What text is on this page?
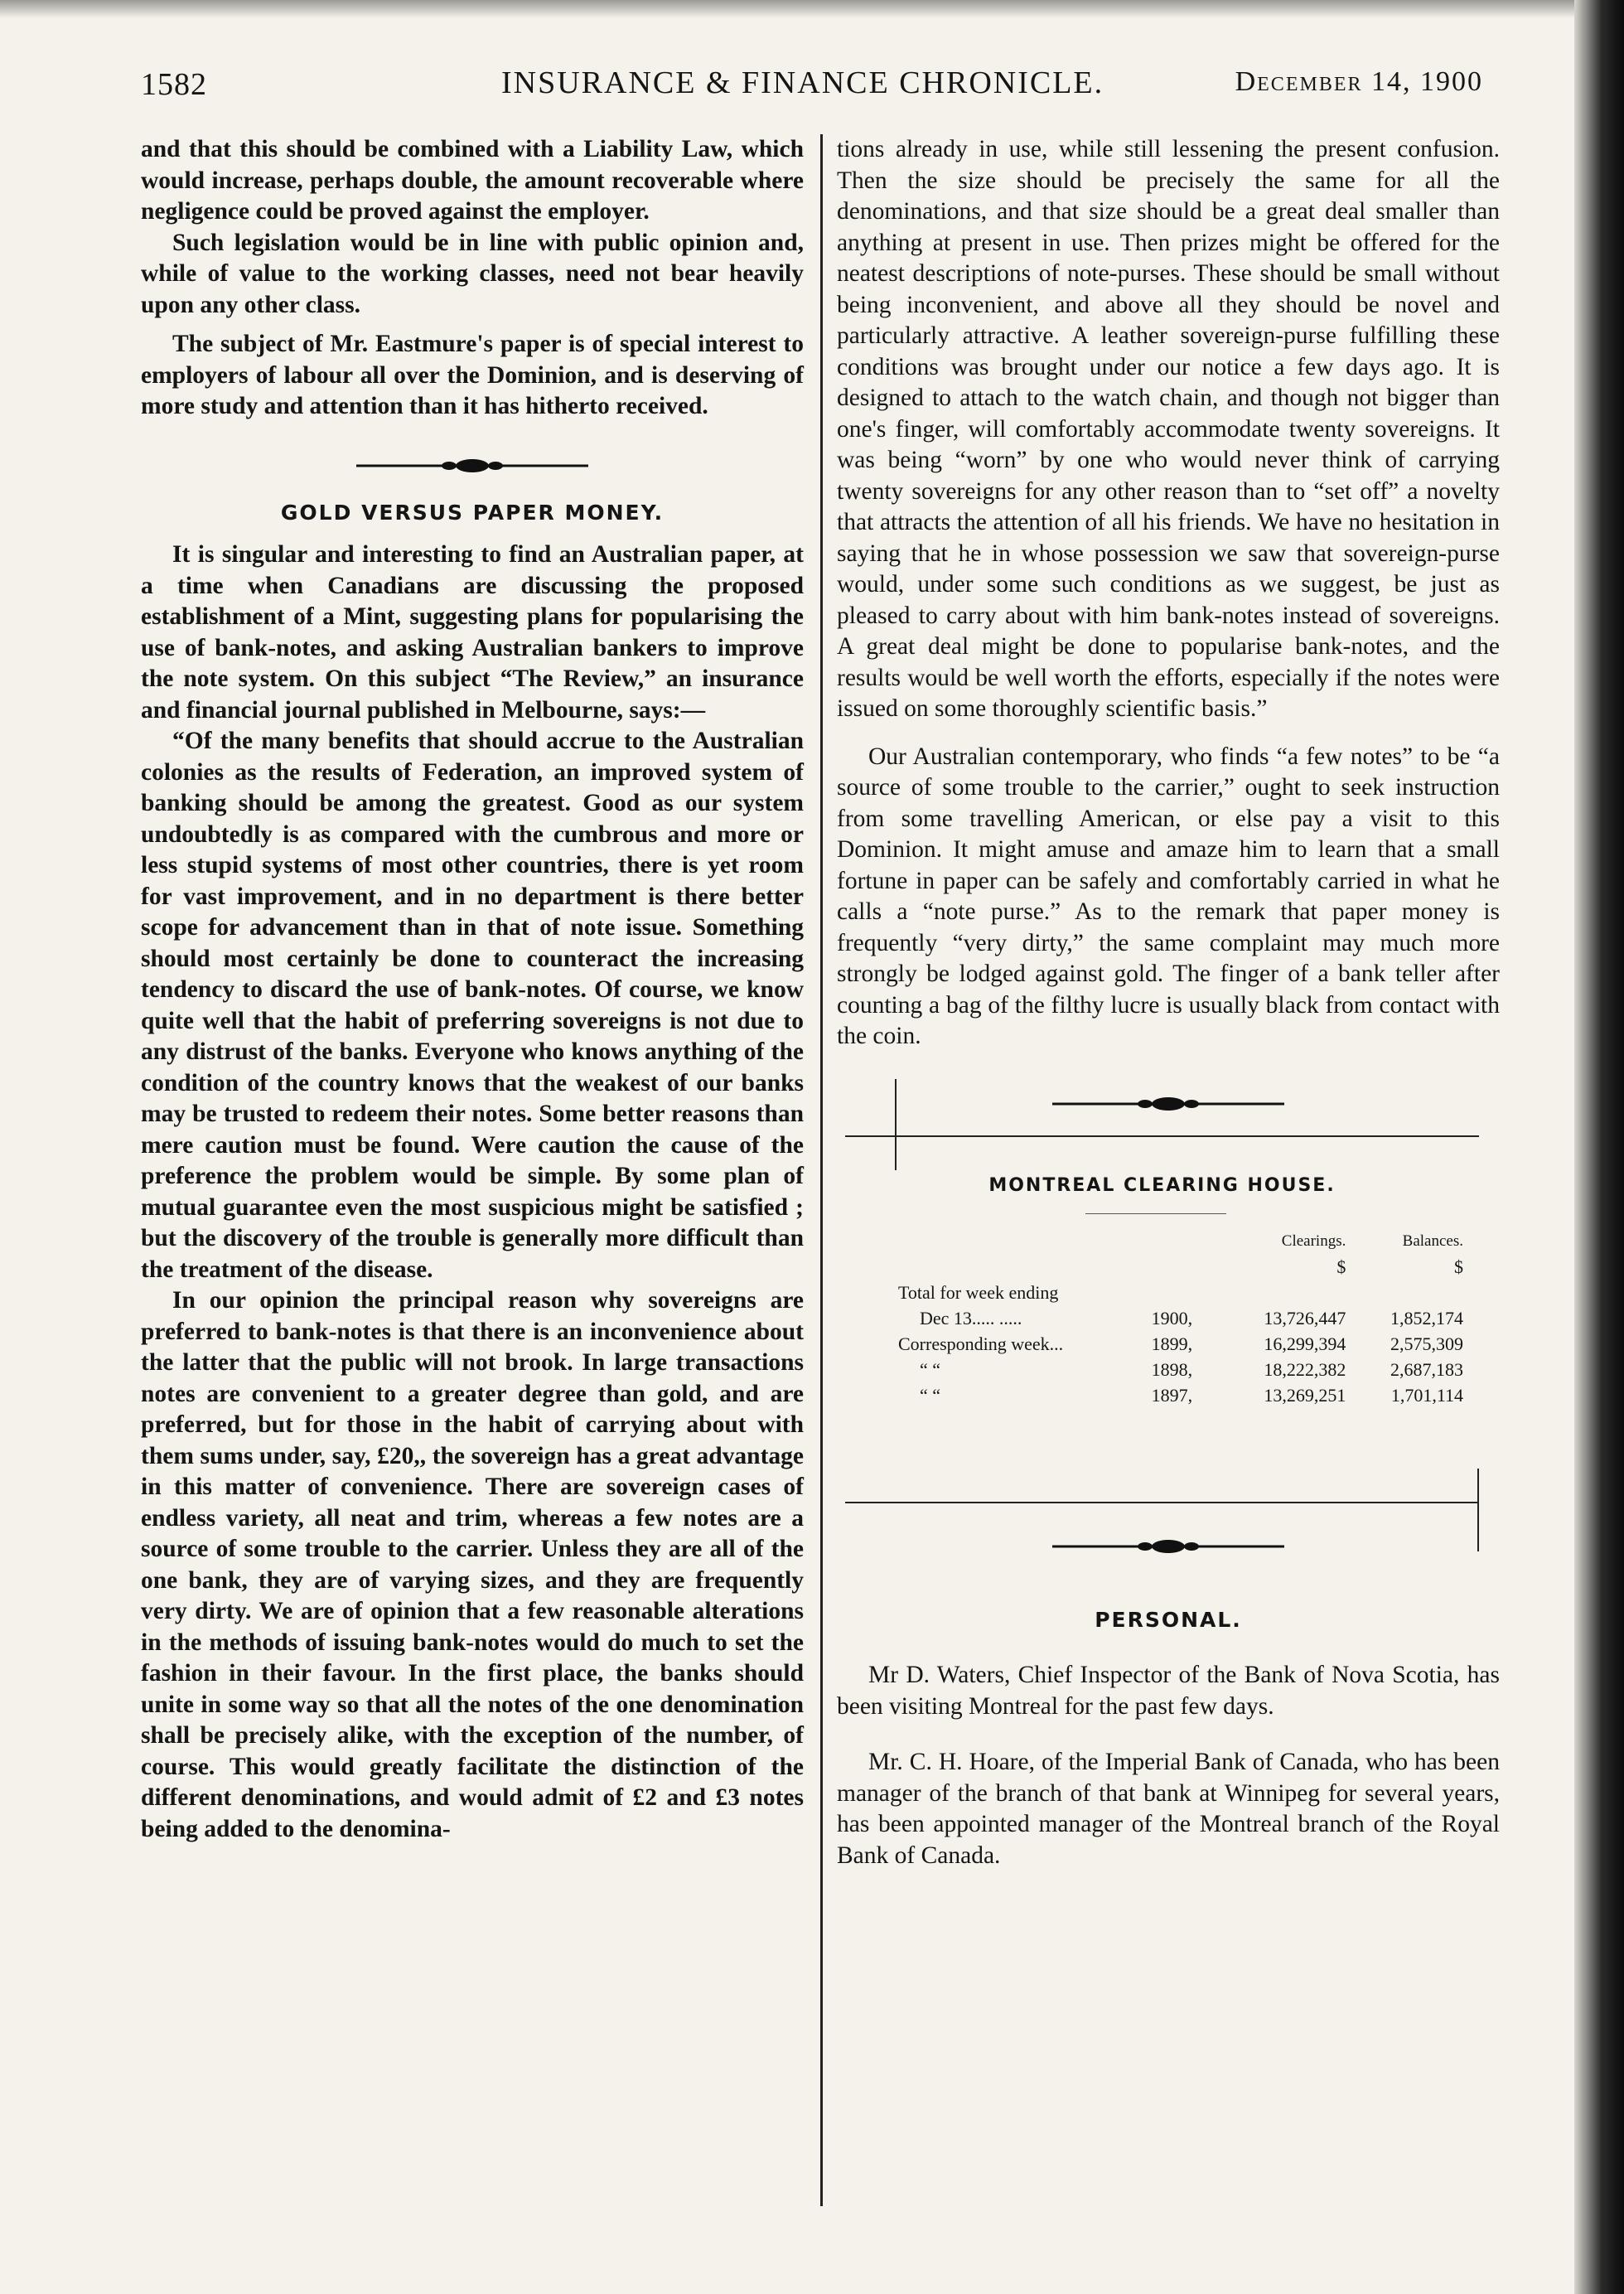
1582	INSURANCE & FINANCE CHRONICLE.	December 14, 1900

and that this should be combined with a Liability Law, which would increase, perhaps double, the amount recoverable where negligence could be proved against the employer.

Such legislation would be in line with public opinion and, while of value to the working classes, need not bear heavily upon any other class.

The subject of Mr. Eastmure's paper is of special interest to employers of labour all over the Dominion, and is deserving of more study and attention than it has hitherto received.

GOLD VERSUS PAPER MONEY.

It is singular and interesting to find an Australian paper, at a time when Canadians are discussing the proposed establishment of a Mint, suggesting plans for popularising the use of bank-notes, and asking Australian bankers to improve the note system. On this subject “The Review,” an insurance and financial journal published in Melbourne, says:—

“Of the many benefits that should accrue to the Australian colonies as the results of Federation, an improved system of banking should be among the greatest. Good as our system undoubtedly is as compared with the cumbrous and more or less stupid systems of most other countries, there is yet room for vast improvement, and in no department is there better scope for advancement than in that of note issue. Something should most certainly be done to counteract the increasing tendency to discard the use of bank-notes. Of course, we know quite well that the habit of preferring sovereigns is not due to any distrust of the banks. Everyone who knows anything of the condition of the country knows that the weakest of our banks may be trusted to redeem their notes. Some better reasons than mere caution must be found. Were caution the cause of the preference the problem would be simple. By some plan of mutual guarantee even the most suspicious might be satisfied ; but the discovery of the trouble is generally more difficult than the treatment of the disease.

In our opinion the principal reason why sovereigns are preferred to bank-notes is that there is an inconvenience about the latter that the public will not brook. In large transactions notes are convenient to a greater degree than gold, and are preferred, but for those in the habit of carrying about with them sums under, say, £20,, the sovereign has a great advantage in this matter of convenience. There are sovereign cases of endless variety, all neat and trim, whereas a few notes are a source of some trouble to the carrier. Unless they are all of the one bank, they are of varying sizes, and they are frequently very dirty. We are of opinion that a few reasonable alterations in the methods of issuing bank-notes would do much to set the fashion in their favour. In the first place, the banks should unite in some way so that all the notes of the one denomination shall be precisely alike, with the exception of the number, of course. This would greatly facilitate the distinction of the different denominations, and would admit of £2 and £3 notes being added to the denomina-

tions already in use, while still lessening the present confusion. Then the size should be precisely the same for all the denominations, and that size should be a great deal smaller than anything at present in use. Then prizes might be offered for the neatest descriptions of note-purses. These should be small without being inconvenient, and above all they should be novel and particularly attractive. A leather sovereign-purse fulfilling these conditions was brought under our notice a few days ago. It is designed to attach to the watch chain, and though not bigger than one's finger, will comfortably accommodate twenty sovereigns. It was being “worn” by one who would never think of carrying twenty sovereigns for any other reason than to “set off” a novelty that attracts the attention of all his friends. We have no hesitation in saying that he in whose possession we saw that sovereign-purse would, under some such conditions as we suggest, be just as pleased to carry about with him bank-notes instead of sovereigns. A great deal might be done to popularise bank-notes, and the results would be well worth the efforts, especially if the notes were issued on some thoroughly scientific basis.”

Our Australian contemporary, who finds “a few notes” to be “a source of some trouble to the carrier,” ought to seek instruction from some travelling American, or else pay a visit to this Dominion. It might amuse and amaze him to learn that a small fortune in paper can be safely and comfortably carried in what he calls a “note purse.” As to the remark that paper money is frequently “very dirty,” the same complaint may much more strongly be lodged against gold. The finger of a bank teller after counting a bag of the filthy lucre is usually black from contact with the coin.

MONTREAL CLEARING HOUSE.
		Clearings.	Balances.
		$	$
Total for week ending			
Dec 13..... .....	1900,	13,726,447	1,852,174
Corresponding week...	1899,	16,299,394	2,575,309
“ “	1898,	18,222,382	2,687,183
“ “	1897,	13,269,251	1,701,114
PERSONAL.

Mr D. Waters, Chief Inspector of the Bank of Nova Scotia, has been visiting Montreal for the past few days.

Mr. C. H. Hoare, of the Imperial Bank of Canada, who has been manager of the branch of that bank at Winnipeg for several years, has been appointed manager of the Montreal branch of the Royal Bank of Canada.
